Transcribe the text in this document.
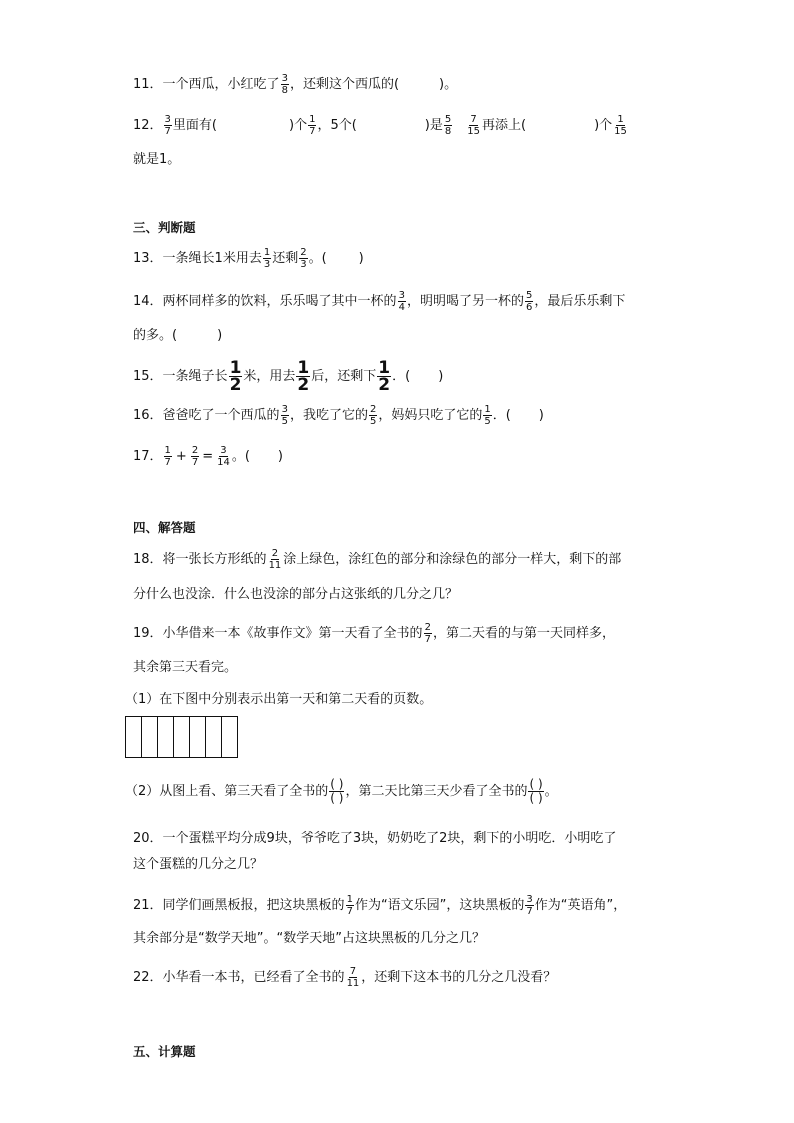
11．一个西瓜，小红吃了 $\frac{3}{8}$ ，还剩这个西瓜的(	)。
12． $\frac{3}{7}$ 里面有(	)个 $\frac{1}{7}$ ，5个(	)是 $\frac{5}{8} \frac{7}{15}$ 再添上(	)个 $\frac{1}{15}$
就是1。
三、判断题
13．一条绳长1米用去 $\frac{1}{3}$ 还剩 $\frac{2}{3}$ 。( )
14．两杯同样多的饮料，乐乐喝了其中一杯的 $\frac{3}{4}$ ，明明喝了另一杯的 $\frac{5}{6}$ ，最后乐乐剩下
的多。(	)
15．一条绳子长 $\frac{1}{2}$ 米，用去 $\frac{1}{2}$ 后，还剩下 $\frac{1}{2}$ ．( )
16．爸爸吃了一个西瓜的 $\frac{3}{5}$ ，我吃了它的 $\frac{2}{5}$ ，妈妈只吃了它的 $\frac{1}{5}$ ．( )
17． $\frac{1}{7} + \frac{2}{7} = \frac{3}{14}$ 。( )
四、解答题
18．将一张长方形纸的 $\frac{2}{11}$ 涂上绿色，涂红色的部分和涂绿色的部分一样大，剩下的部
分什么也没涂．什么也没涂的部分占这张纸的几分之几？
19．小华借来一本《故事作文》第一天看了全书的 $\frac{2}{7}$ ，第二天看的与第一天同样多，
其余第三天看完。
（1）在下图中分别表示出第一天和第二天看的页数。
（2）从图上看、第三天看了全书的 $\frac{( )}{( )}$ ，第二天比第三天少看了全书的 $\frac{( )}{( )}$ 。
20．一个蛋糕平均分成9块，爷爷吃了3块，奶奶吃了2块，剩下的小明吃．小明吃了
这个蛋糕的几分之几？
21．同学们画黑板报，把这块黑板的 $\frac{1}{7}$ 作为“语文乐园”，这块黑板的 $\frac{3}{7}$ 作为“英语角”，
其余部分是“数学天地”。“数学天地”占这块黑板的几分之几？
22．小华看一本书，已经看了全书的 $\frac{7}{11}$ ，还剩下这本书的几分之几没看？
五、计算题
